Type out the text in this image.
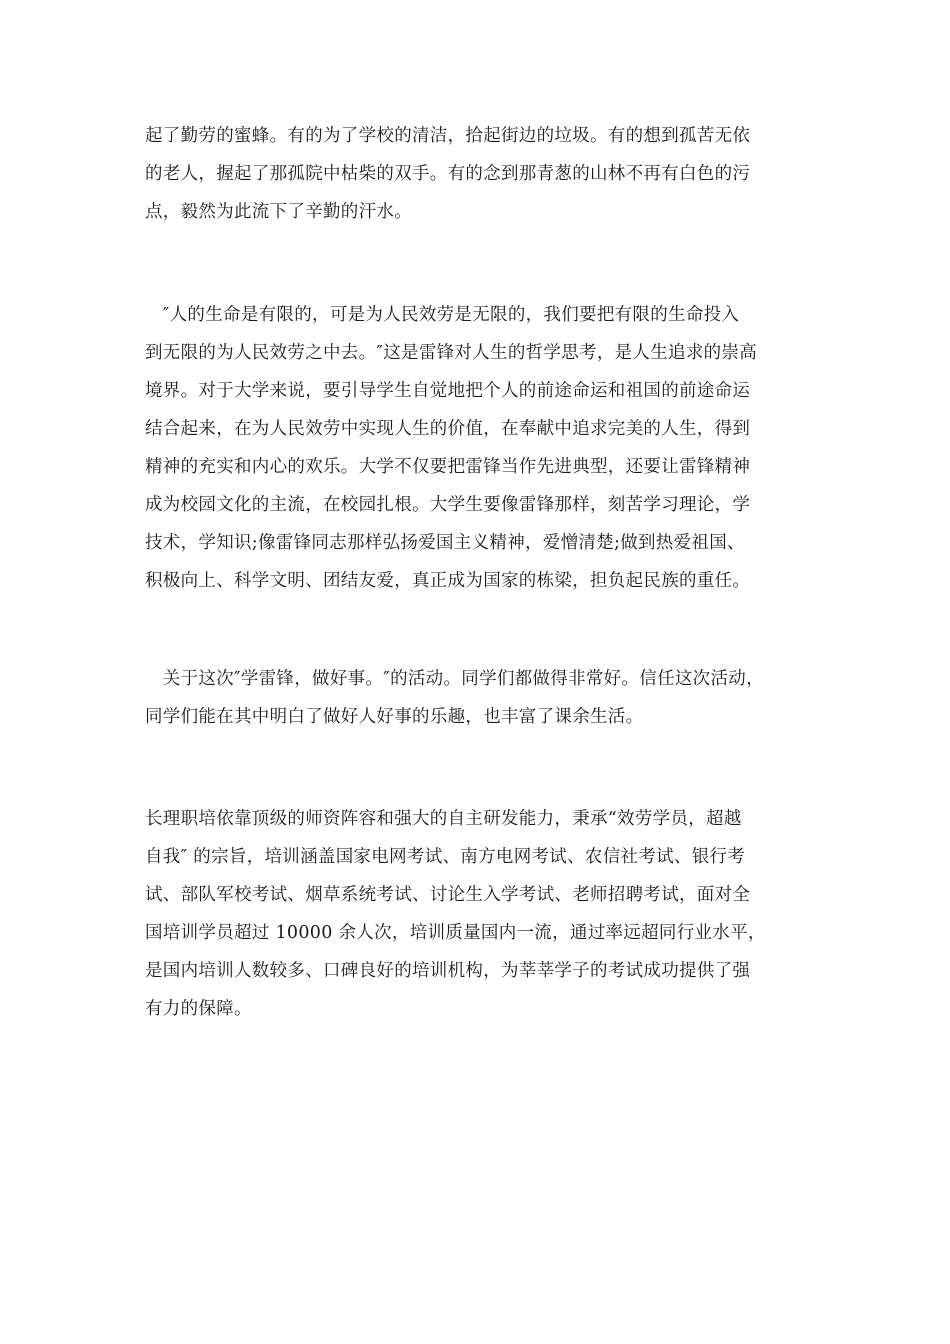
起了勤劳的蜜蜂。有的为了学校的清洁，拾起街边的垃圾。有的想到孤苦无依
的老人，握起了那孤院中枯柴的双手。有的念到那青葱的山林不再有白色的污
点，毅然为此流下了辛勤的汗水。
　″人的生命是有限的，可是为人民效劳是无限的，我们要把有限的生命投入
到无限的为人民效劳之中去。″这是雷锋对人生的哲学思考，是人生追求的崇高
境界。对于大学来说，要引导学生自觉地把个人的前途命运和祖国的前途命运
结合起来，在为人民效劳中实现人生的价值，在奉献中追求完美的人生，得到
精神的充实和内心的欢乐。大学不仅要把雷锋当作先进典型，还要让雷锋精神
成为校园文化的主流，在校园扎根。大学生要像雷锋那样，刻苦学习理论，学
技术，学知识;像雷锋同志那样弘扬爱国主义精神，爱憎清楚;做到热爱祖国、
积极向上、科学文明、团结友爱，真正成为国家的栋梁，担负起民族的重任。
　关于这次″学雷锋，做好事。″的活动。同学们都做得非常好。信任这次活动，
同学们能在其中明白了做好人好事的乐趣，也丰富了课余生活。
长理职培依靠顶级的师资阵容和强大的自主研发能力，秉承“效劳学员，超越
自我″ 的宗旨，培训涵盖国家电网考试、南方电网考试、农信社考试、银行考
试、部队军校考试、烟草系统考试、讨论生入学考试、老师招聘考试，面对全
国培训学员超过 10000 余人次，培训质量国内一流，通过率远超同行业水平，
是国内培训人数较多、口碑良好的培训机构，为莘莘学子的考试成功提供了强
有力的保障。
